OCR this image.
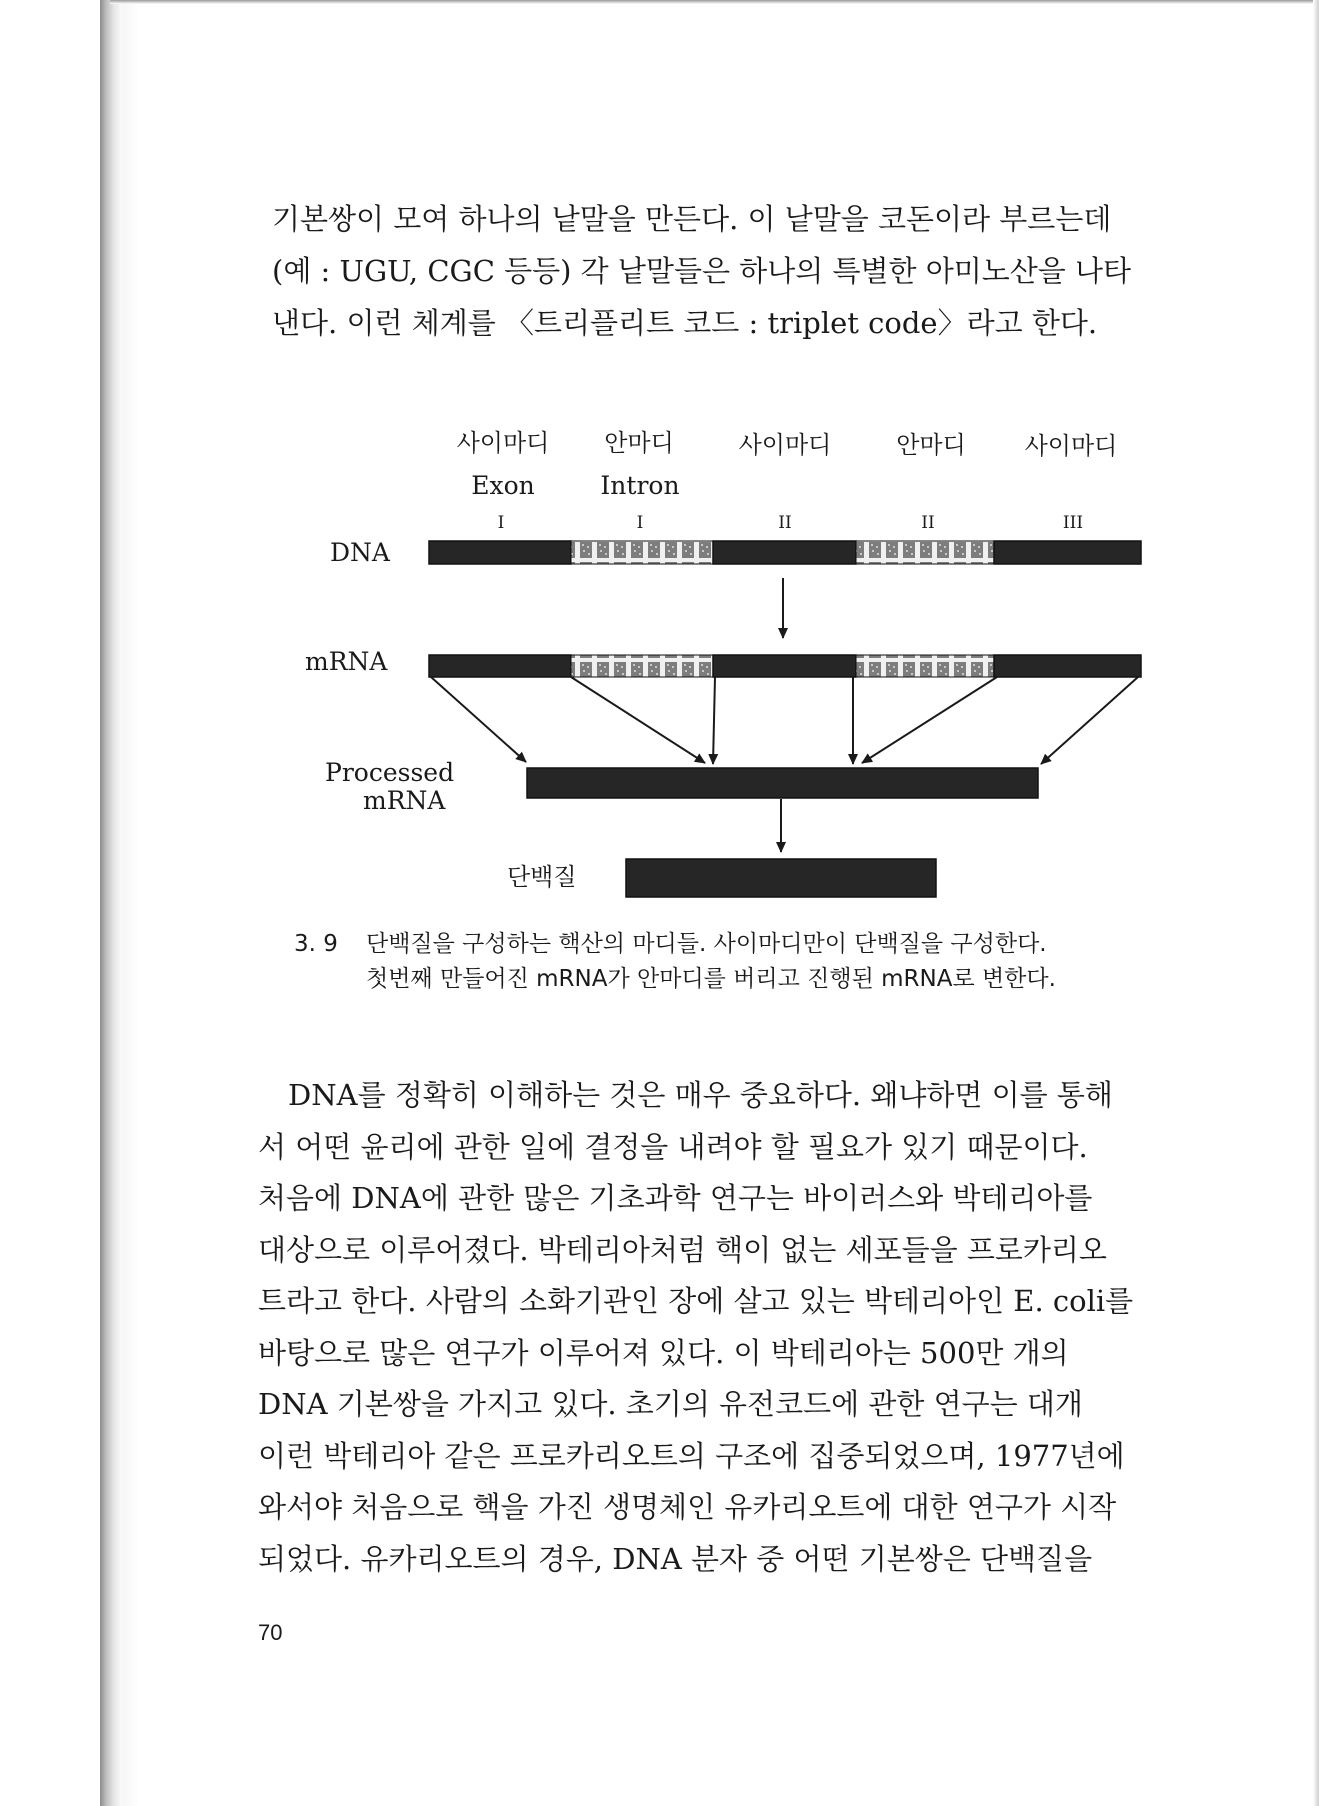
기본쌍이 모여 하나의 낱말을 만든다. 이 낱말을 코돈이라 부르는데
(예 : UGU, CGC 등등) 각 낱말들은 하나의 특별한 아미노산을 나타
낸다. 이런 체계를 〈트리플리트 코드 : triplet code〉라고 한다.
사이마디 안마디	사이마디	안마디 사이마디
Exon	Intron
I	I	II	II	III
DNA
mRNA
Processed
mRNA
단백질
3. 9 단백질을 구성하는 핵산의 마디들. 사이마디만이 단백질을 구성한다.
첫번째 만들어진 mRNA가 안마디를 버리고 진행된 mRNA로 변한다.
DNA를 정확히 이해하는 것은 매우 중요하다. 왜냐하면 이를 통해
서 어떤 윤리에 관한 일에 결정을 내려야 할 필요가 있기 때문이다.
처음에 DNA에 관한 많은 기초과학 연구는 바이러스와 박테리아를
대상으로 이루어졌다. 박테리아처럼 핵이 없는 세포들을 프로카리오
트라고 한다. 사람의 소화기관인 장에 살고 있는 박테리아인 E. coli를
바탕으로 많은 연구가 이루어져 있다. 이 박테리아는 500만 개의
DNA 기본쌍을 가지고 있다. 초기의 유전코드에 관한 연구는 대개
이런 박테리아 같은 프로카리오트의 구조에 집중되었으며, 1977년에
와서야 처음으로 핵을 가진 생명체인 유카리오트에 대한 연구가 시작
되었다. 유카리오트의 경우, DNA 분자 중 어떤 기본쌍은 단백질을
70
